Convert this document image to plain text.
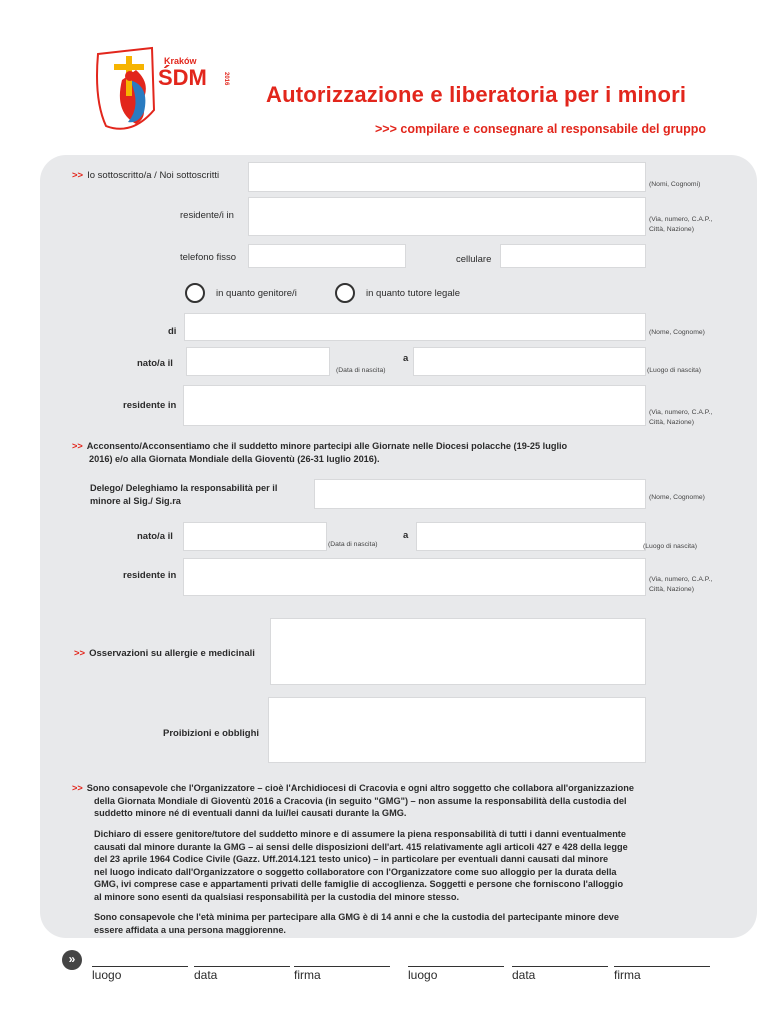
Kraków
ŚDM	2016
Autorizzazione e liberatoria per i minori
>>> compilare e consegnare al responsabile del gruppo
>> Io sottoscritto/a / Noi sottoscritti
(Nomi, Cognomi)
residente/i in	(Via, numero, C.A.P.,
Città, Nazione)
telefono fisso	cellulare
in quanto genitore/i	in quanto tutore legale
di	(Nome, Cognome)
nato/a il
(Data di nascita)
a
(Luogo di nascita)
residente in
(Via, numero, C.A.P.,
Città, Nazione)
>> Acconsento/Acconsentiamo che il suddetto minore partecipi alle Giornate nelle Diocesi polacche (19-25 luglio
2016) e/o alla Giornata Mondiale della Gioventù (26-31 luglio 2016).
Delego/ Deleghiamo la responsabilità per il
minore al Sig./ Sig.ra	(Nome, Cognome)
nato/a il
(Data di nascita)
a
(Luogo di nascita)
residente in	(Via, numero, C.A.P.,
Città, Nazione)
>> Osservazioni su allergie e medicinali
Proibizioni e obblighi
>> Sono consapevole che l'Organizzatore – cioè l'Archidiocesi di Cracovia e ogni altro soggetto che collabora all'organizzazione
della Giornata Mondiale di Gioventù 2016 a Cracovia (in seguito "GMG") – non assume la responsabilità della custodia del
suddetto minore né di eventuali danni da lui/lei causati durante la GMG.
Dichiaro di essere genitore/tutore del suddetto minore e di assumere la piena responsabilità di tutti i danni eventualmente
causati dal minore durante la GMG – ai sensi delle disposizioni dell'art. 415 relativamente agli articoli 427 e 428 della legge
del 23 aprile 1964 Codice Civile (Gazz. Uff.2014.121 testo unico) – in particolare per eventuali danni causati dal minore
nel luogo indicato dall'Organizzatore o soggetto collaboratore con l'Organizzatore come suo alloggio per la durata della
GMG, ivi comprese case e appartamenti privati delle famiglie di accoglienza. Soggetti e persone che forniscono l'alloggio
al minore sono esenti da qualsiasi responsabilità per la custodia del minore stesso.
Sono consapevole che l'età minima per partecipare alla GMG è di 14 anni e che la custodia del partecipante minore deve
essere affidata a una persona maggiorenne.
»
luogo	data	firma	luogo	data	firma
